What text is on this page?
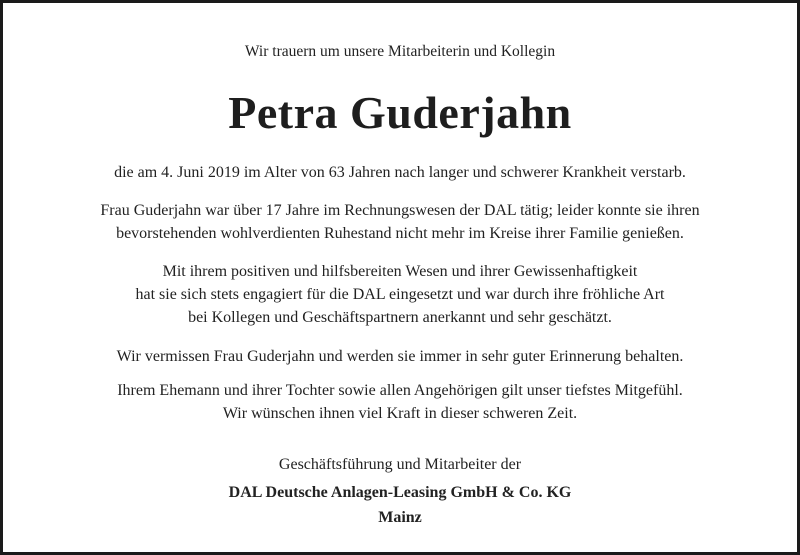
Wir trauern um unsere Mitarbeiterin und Kollegin
Petra Guderjahn
die am 4. Juni 2019 im Alter von 63 Jahren nach langer und schwerer Krankheit verstarb.
Frau Guderjahn war über 17 Jahre im Rechnungswesen der DAL tätig; leider konnte sie ihren
bevorstehenden wohlverdienten Ruhestand nicht mehr im Kreise ihrer Familie genießen.
Mit ihrem positiven und hilfsbereiten Wesen und ihrer Gewissenhaftigkeit
hat sie sich stets engagiert für die DAL eingesetzt und war durch ihre fröhliche Art
bei Kollegen und Geschäftspartnern anerkannt und sehr geschätzt.
Wir vermissen Frau Guderjahn und werden sie immer in sehr guter Erinnerung behalten.
Ihrem Ehemann und ihrer Tochter sowie allen Angehörigen gilt unser tiefstes Mitgefühl.
Wir wünschen ihnen viel Kraft in dieser schweren Zeit.
Geschäftsführung und Mitarbeiter der
DAL Deutsche Anlagen-Leasing GmbH & Co. KG
Mainz
